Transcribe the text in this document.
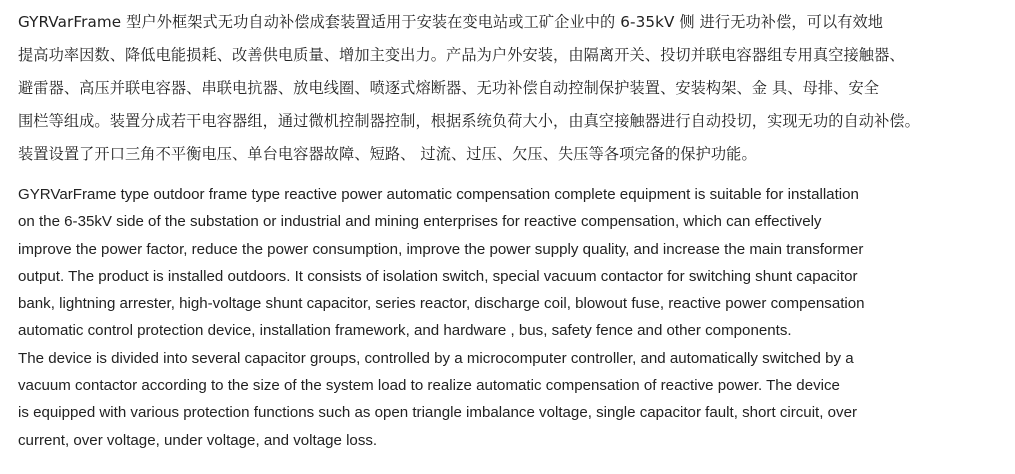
GYRVarFrame 型户外框架式无功自动补偿成套装置适用于安装在变电站或工矿企业中的 6-35kV 侧 进行无功补偿，可以有效地
提高功率因数、降低电能损耗、改善供电质量、增加主变出力。产品为户外安装，由隔离开关、投切并联电容器组专用真空接触器、
避雷器、高压并联电容器、串联电抗器、放电线圈、喷逐式熔断器、无功补偿自动控制保护装置、安装构架、金 具、母排、安全
围栏等组成。装置分成若干电容器组，通过微机控制器控制，根据系统负荷大小，由真空接触器进行自动投切，实现无功的自动补偿。
装置设置了开口三角不平衡电压、单台电容器故障、短路、 过流、过压、欠压、失压等各项完备的保护功能。
GYRVarFrame type outdoor frame type reactive power automatic compensation complete equipment is suitable for installation
on the 6-35kV side of the substation or industrial and mining enterprises for reactive compensation, which can effectively
improve the power factor, reduce the power consumption, improve the power supply quality, and increase the main transformer
output. The product is installed outdoors. It consists of isolation switch, special vacuum contactor for switching shunt capacitor
bank, lightning arrester, high-voltage shunt capacitor, series reactor, discharge coil, blowout fuse, reactive power compensation
automatic control protection device, installation framework, and hardware , bus, safety fence and other components.
The device is divided into several capacitor groups, controlled by a microcomputer controller, and automatically switched by a
vacuum contactor according to the size of the system load to realize automatic compensation of reactive power. The device
is equipped with various protection functions such as open triangle imbalance voltage, single capacitor fault, short circuit, over
current, over voltage, under voltage, and voltage loss.
